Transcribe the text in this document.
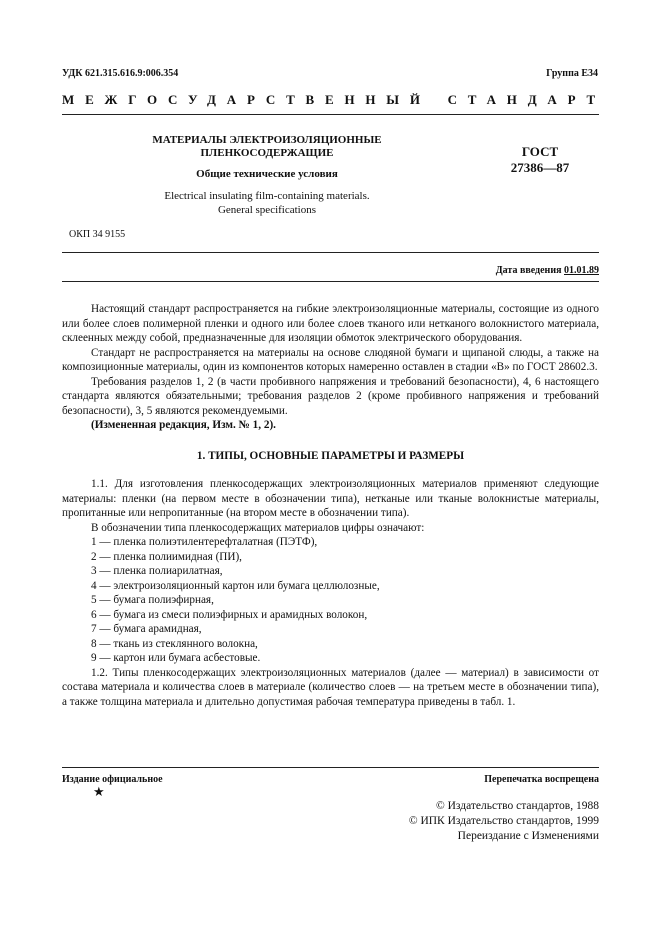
УДК 621.315.616.9:006.354	Группа Е34
МЕЖГОСУДАРСТВЕННЫЙ СТАНДАРТ
МАТЕРИАЛЫ ЭЛЕКТРОИЗОЛЯЦИОННЫЕ
ПЛЕНКОСОДЕРЖАЩИЕ
Общие технические условия
Electrical insulating film-containing materials.
General specifications
ГОСТ
27386—87
ОКП 34 9155
Дата введения 01.01.89

Настоящий стандарт распространяется на гибкие электроизоляционные материалы, состоящие из одного или более слоев полимерной пленки и одного или более слоев тканого или нетканого волокнистого материала, склеенных между собой, предназначенные для изоляции обмоток электрического оборудования.

Стандарт не распространяется на материалы на основе слюдяной бумаги и щипаной слюды, а также на композиционные материалы, один из компонентов которых намеренно оставлен в стадии «В» по ГОСТ 28602.3.

Требования разделов 1, 2 (в части пробивного напряжения и требований безопасности), 4, 6 настоящего стандарта являются обязательными; требования разделов 2 (кроме пробивного напряжения и требований безопасности), 3, 5 являются рекомендуемыми.

(Измененная редакция, Изм. № 1, 2).

1. ТИПЫ, ОСНОВНЫЕ ПАРАМЕТРЫ И РАЗМЕРЫ

1.1. Для изготовления пленкосодержащих электроизоляционных материалов применяют следующие материалы: пленки (на первом месте в обозначении типа), нетканые или тканые волокнистые материалы, пропитанные или непропитанные (на втором месте в обозначении типа).

В обозначении типа пленкосодержащих материалов цифры означают:

1 — пленка полиэтилентерефталатная (ПЭТФ),

2 — пленка полиимидная (ПИ),

3 — пленка полиарилатная,

4 — электроизоляционный картон или бумага целлюлозные,

5 — бумага полиэфирная,

6 — бумага из смеси полиэфирных и арамидных волокон,

7 — бумага арамидная,

8 — ткань из стеклянного волокна,

9 — картон или бумага асбестовые.

1.2. Типы пленкосодержащих электроизоляционных материалов (далее — материал) в зависимости от состава материала и количества слоев в материале (количество слоев — на третьем месте в обозначении типа), а также толщина материала и длительно допустимая рабочая температура приведены в табл. 1.

Издание официальное	Перепечатка воспрещена
★
© Издательство стандартов, 1988
© ИПК Издательство стандартов, 1999
Переиздание с Изменениями
